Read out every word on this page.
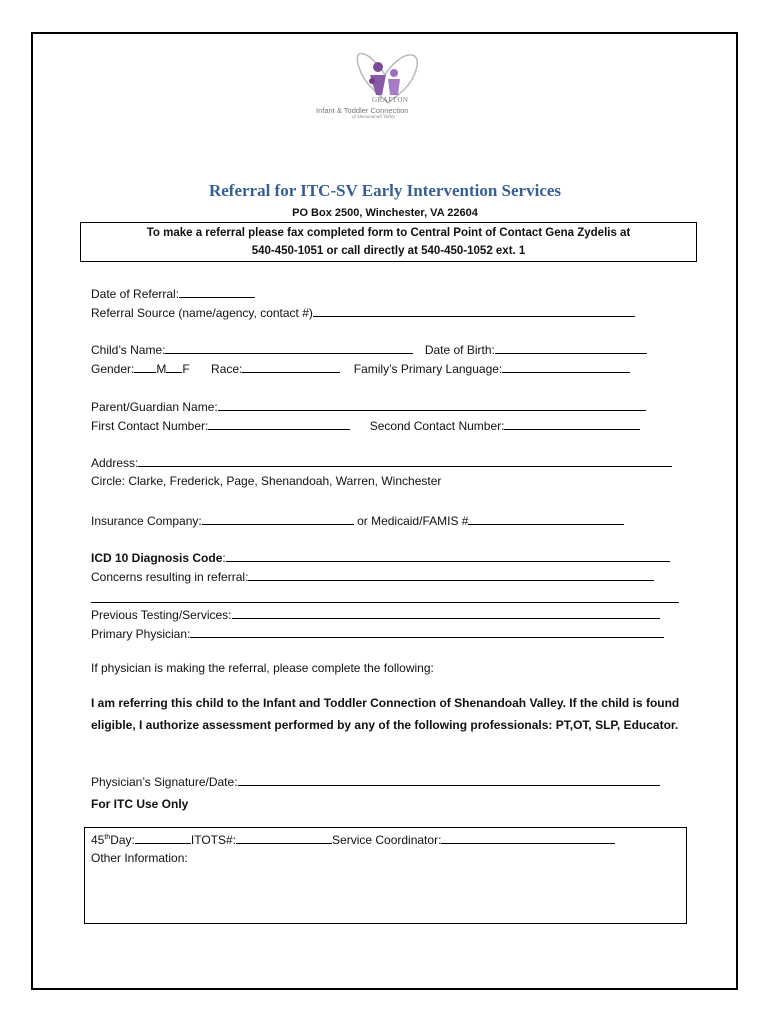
GRAFTON
Infant & Toddler Connection
of Shenandoah Valley
Referral for ITC-SV Early Intervention Services
PO Box 2500, Winchester, VA 22604
To make a referral please fax completed form to Central Point of Contact Gena Zydelis at
540-450-1051 or call directly at 540-450-1052 ext. 1
Date of Referral:
Referral Source (name/agency, contact #)
Child’s Name:	Date of Birth:
Gender:M F Race:	Family’s Primary Language:
Parent/Guardian Name:
First Contact Number:	Second Contact Number:
Address:
Circle: Clarke, Frederick, Page, Shenandoah, Warren, Winchester
Insurance Company:	or Medicaid/FAMIS #
ICD 10 Diagnosis Code:
Concerns resulting in referral:
Previous Testing/Services:
Primary Physician:
If physician is making the referral, please complete the following:
I am referring this child to the Infant and Toddler Connection of Shenandoah Valley. If the child is found eligible, I authorize assessment performed by any of the following professionals: PT,OT, SLP, Educator.
Physician’s Signature/Date:
For ITC Use Only
45thDay:	ITOTS#:	Service Coordinator:
Other Information:
